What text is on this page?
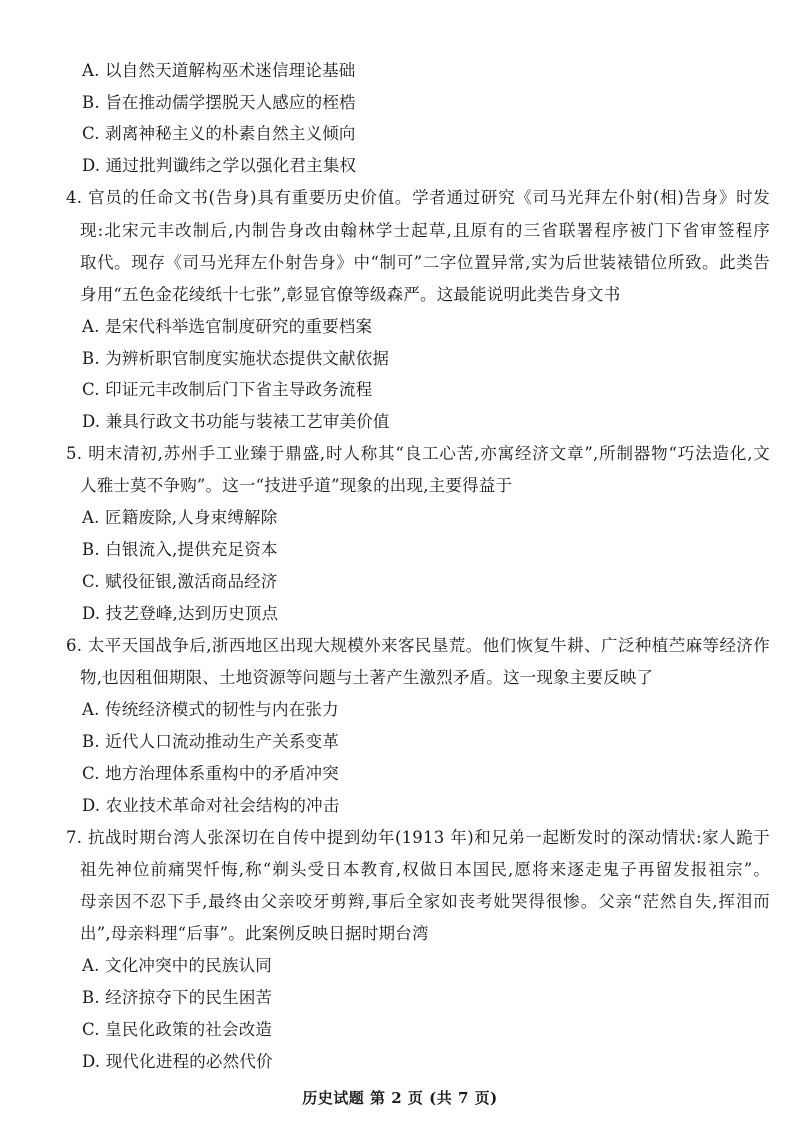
A. 以自然天道解构巫术迷信理论基础
B. 旨在推动儒学摆脱天人感应的桎梏
C. 剥离神秘主义的朴素自然主义倾向
D. 通过批判谶纬之学以强化君主集权
4. 官员的任命文书(告身)具有重要历史价值。学者通过研究《司马光拜左仆射(相)告身》时发
现:北宋元丰改制后,内制告身改由翰林学士起草,且原有的三省联署程序被门下省审签程序
取代。现存《司马光拜左仆射告身》中“制可”二字位置异常,实为后世装裱错位所致。此类告
身用“五色金花绫纸十七张”,彰显官僚等级森严。这最能说明此类告身文书
A. 是宋代科举选官制度研究的重要档案
B. 为辨析职官制度实施状态提供文献依据
C. 印证元丰改制后门下省主导政务流程
D. 兼具行政文书功能与装裱工艺审美价值
5. 明末清初,苏州手工业臻于鼎盛,时人称其“良工心苦,亦寓经济文章”,所制器物“巧法造化,文
人雅士莫不争购”。这一“技进乎道”现象的出现,主要得益于
A. 匠籍废除,人身束缚解除
B. 白银流入,提供充足资本
C. 赋役征银,激活商品经济
D. 技艺登峰,达到历史顶点
6. 太平天国战争后,浙西地区出现大规模外来客民垦荒。他们恢复牛耕、广泛种植苎麻等经济作
物,也因租佃期限、土地资源等问题与土著产生激烈矛盾。这一现象主要反映了
A. 传统经济模式的韧性与内在张力
B. 近代人口流动推动生产关系变革
C. 地方治理体系重构中的矛盾冲突
D. 农业技术革命对社会结构的冲击
7. 抗战时期台湾人张深切在自传中提到幼年(1913 年)和兄弟一起断发时的深动情状:家人跪于
祖先神位前痛哭忏悔,称“剃头受日本教育,权做日本国民,愿将来逐走鬼子再留发报祖宗”。
母亲因不忍下手,最终由父亲咬牙剪辫,事后全家如丧考妣哭得很惨。父亲“茫然自失,挥泪而
出”,母亲料理“后事”。此案例反映日据时期台湾
A. 文化冲突中的民族认同
B. 经济掠夺下的民生困苦
C. 皇民化政策的社会改造
D. 现代化进程的必然代价
历史试题 第 2 页 (共 7 页)
